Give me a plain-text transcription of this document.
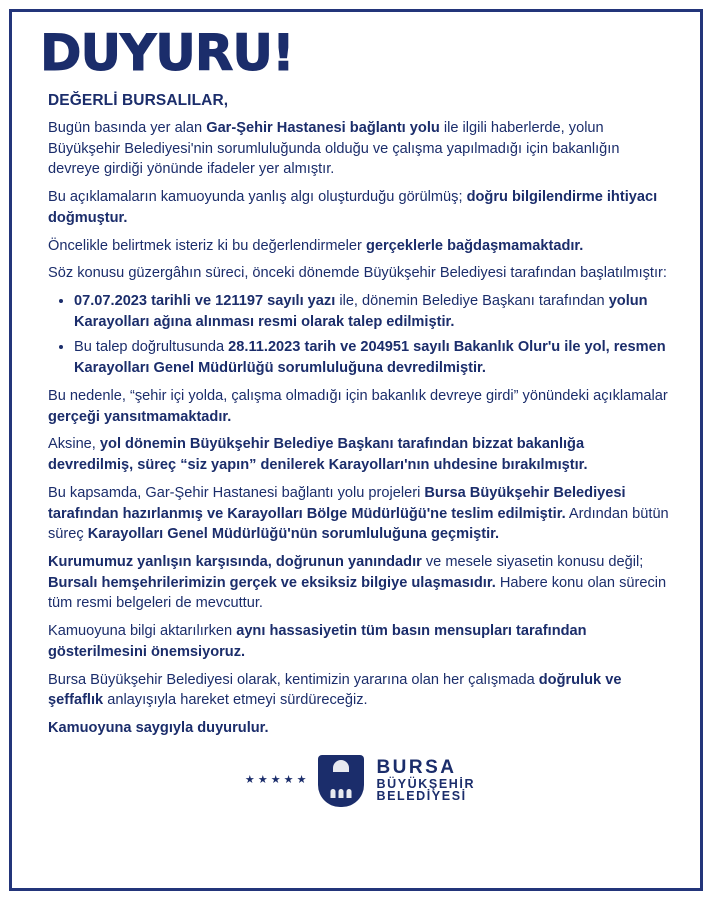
DUYURU!
DEĞERLİ BURSALILAR,

Bugün basında yer alan Gar-Şehir Hastanesi bağlantı yolu ile ilgili haberlerde, yolun Büyükşehir Belediyesi'nin sorumluluğunda olduğu ve çalışma yapılmadığı için bakanlığın devreye girdiği yönünde ifadeler yer almıştır.

Bu açıklamaların kamuoyunda yanlış algı oluşturduğu görülmüş; doğru bilgilendirme ihtiyacı doğmuştur.

Öncelikle belirtmek isteriz ki bu değerlendirmeler gerçeklerle bağdaşmamaktadır.

Söz konusu güzergâhın süreci, önceki dönemde Büyükşehir Belediyesi tarafından başlatılmıştır:

• 07.07.2023 tarihli ve 121197 sayılı yazı ile, dönemin Belediye Başkanı tarafından yolun Karayolları ağına alınması resmi olarak talep edilmiştir.
• Bu talep doğrultusunda 28.11.2023 tarih ve 204951 sayılı Bakanlık Olur'u ile yol, resmen Karayolları Genel Müdürlüğü sorumluluğuna devredilmiştir.

Bu nedenle, “şehir içi yolda, çalışma olmadığı için bakanlık devreye girdi” yönündeki açıklamalar gerçeği yansıtmamaktadır.

Aksine, yol dönemin Büyükşehir Belediye Başkanı tarafından bizzat bakanlığa devredilmiş, süreç “siz yapın” denilerek Karayolları'nın uhdesine bırakılmıştır.

Bu kapsamda, Gar-Şehir Hastanesi bağlantı yolu projeleri Bursa Büyükşehir Belediyesi tarafından hazırlanmış ve Karayolları Bölge Müdürlüğü'ne teslim edilmiştir. Ardından bütün süreç Karayolları Genel Müdürlüğü'nün sorumluluğuna geçmiştir.

Kurumumuz yanlışın karşısında, doğrunun yanındadır ve mesele siyasetin konusu değil; Bursalı hemşehrilerimizin gerçek ve eksiksiz bilgiye ulaşmasıdır. Habere konu olan sürecin tüm resmi belgeleri de mevcuttur.

Kamuoyuna bilgi aktarılırken aynı hassasiyetin tüm basın mensupları tarafından gösterilmesini önemsiyoruz.

Bursa Büyükşehir Belediyesi olarak, kentimizin yararına olan her çalışmada doğruluk ve şeffaflık anlayışıyla hareket etmeyi sürdüreceğiz.

Kamuoyuna saygıyla duyurulur.

★ ★ ★ ★ ★
BURSA
BÜYÜKŞEHİR
BELEDİYESİ
